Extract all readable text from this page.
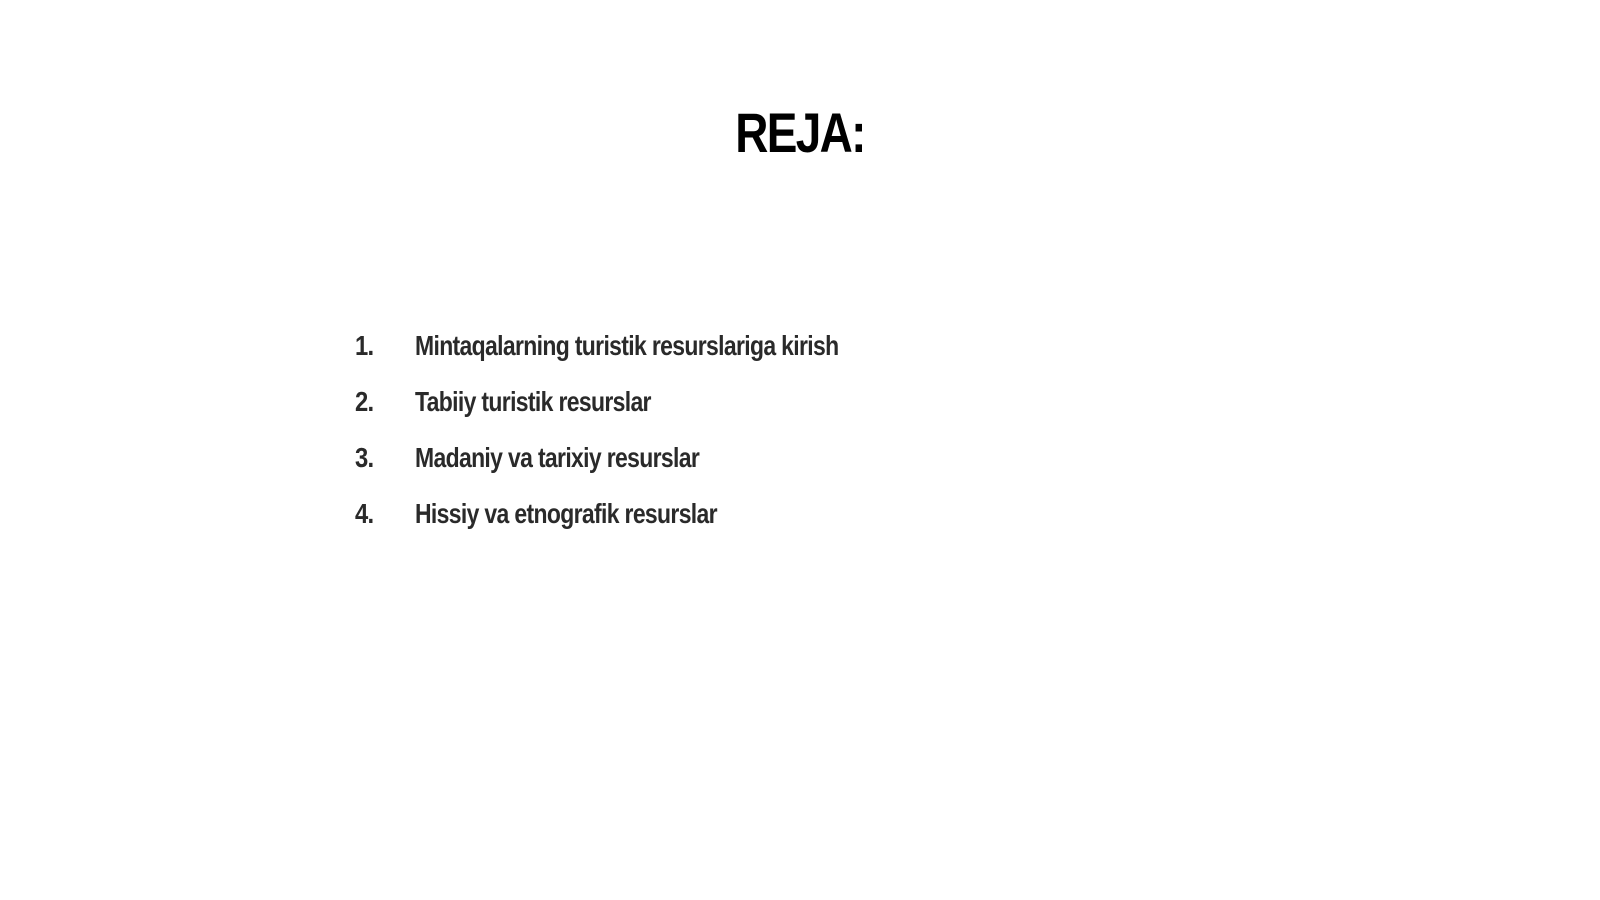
REJA:
1.	Mintaqalarning turistik resurslariga kirish
2.	Tabiiy turistik resurslar
3.	Madaniy va tarixiy resurslar
4.	Hissiy va etnografik resurslar
